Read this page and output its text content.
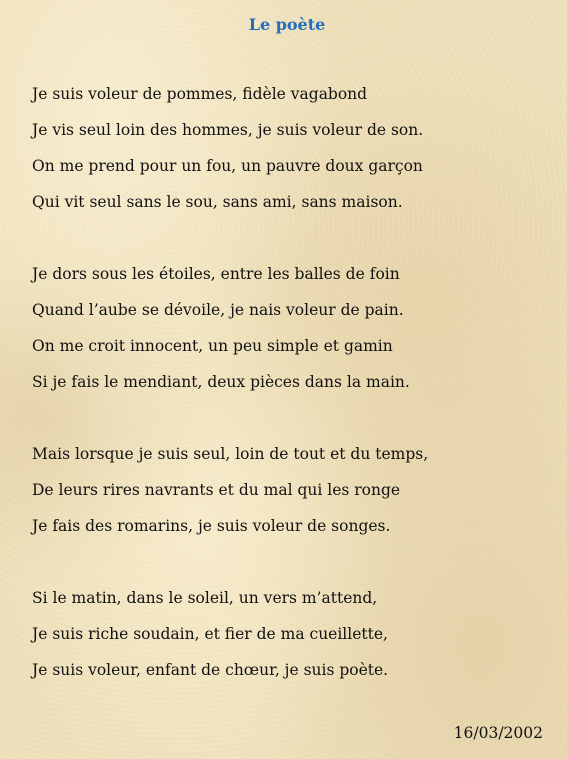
Le poète
Je suis voleur de pommes, fidèle vagabond
Je vis seul loin des hommes, je suis voleur de son.
On me prend pour un fou, un pauvre doux garçon
Qui vit seul sans le sou, sans ami, sans maison.
Je dors sous les étoiles, entre les balles de foin
Quand l’aube se dévoile, je nais voleur de pain.
On me croit innocent, un peu simple et gamin
Si je fais le mendiant, deux pièces dans la main.
Mais lorsque je suis seul, loin de tout et du temps,
De leurs rires navrants et du mal qui les ronge
Je fais des romarins, je suis voleur de songes.
Si le matin, dans le soleil, un vers m’attend,
Je suis riche soudain, et fier de ma cueillette,
Je suis voleur, enfant de chœur, je suis poète.
16/03/2002
